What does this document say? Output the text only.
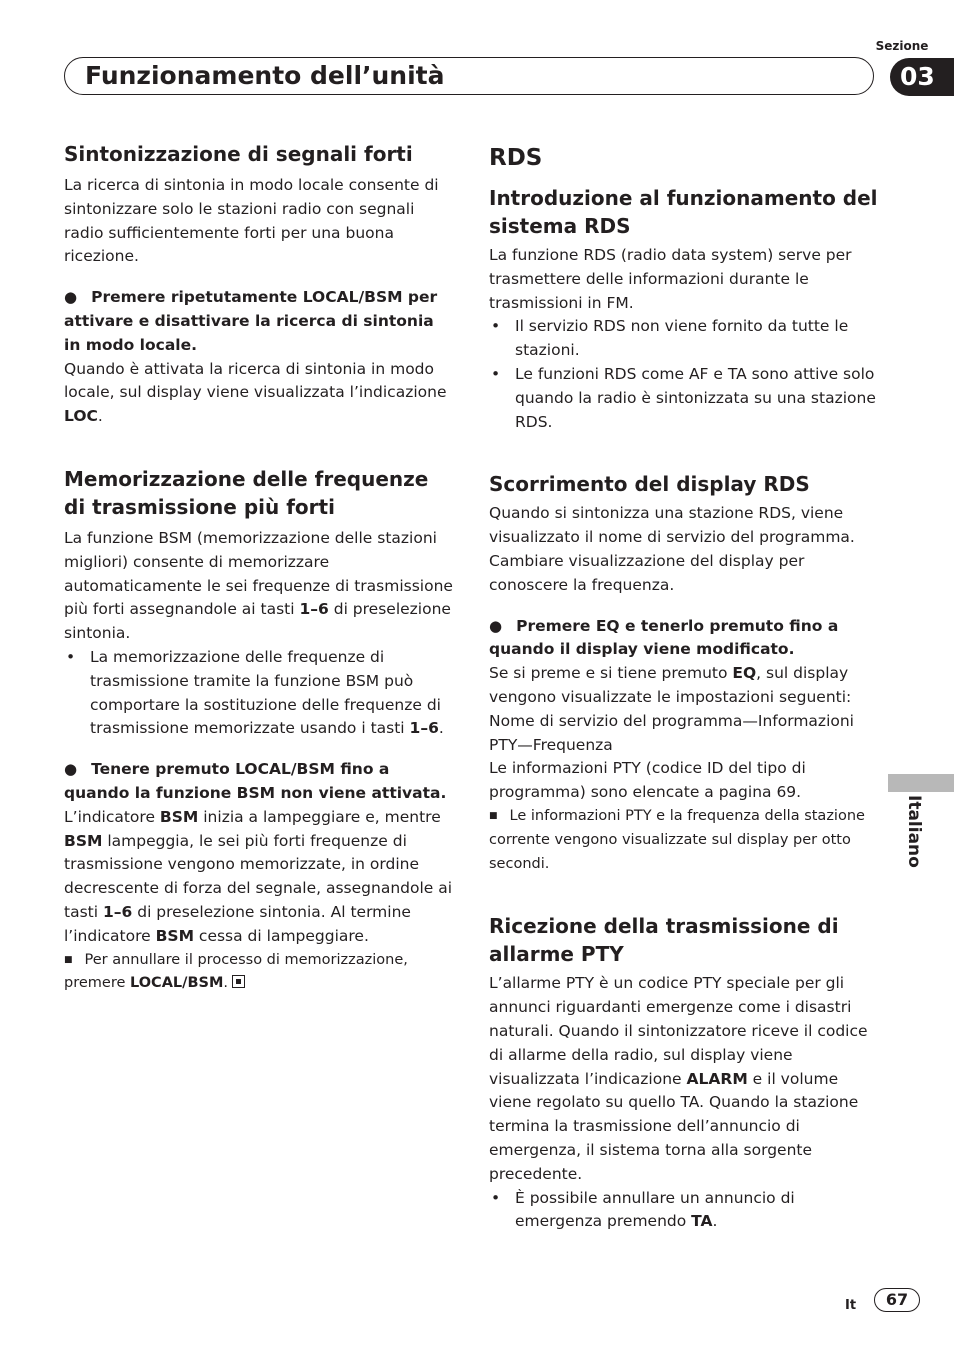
Funzionamento dell’unità
Sezione
03
Italiano
Sintonizzazione di segnali forti

La ricerca di sintonia in modo locale consente di sintonizzare solo le stazioni radio con segnali radio sufficientemente forti per una buona ricezione.

● Premere ripetutamente LOCAL/BSM per attivare e disattivare la ricerca di sintonia in modo locale.

Quando è attivata la ricerca di sintonia in modo locale, sul display viene visualizzata l’indicazione LOC.

Memorizzazione delle frequenze di trasmissione più forti

La funzione BSM (memorizzazione delle stazioni migliori) consente di memorizzare automaticamente le sei frequenze di trasmissione più forti assegnandole ai tasti 1–6 di preselezione sintonia.

• La memorizzazione delle frequenze di trasmissione tramite la funzione BSM può comportare la sostituzione delle frequenze di trasmissione memorizzate usando i tasti 1–6.

● Tenere premuto LOCAL/BSM fino a quando la funzione BSM non viene attivata.

L’indicatore BSM inizia a lampeggiare e, mentre BSM lampeggia, le sei più forti frequenze di trasmissione vengono memorizzate, in ordine decrescente di forza del segnale, assegnandole ai tasti 1–6 di preselezione sintonia. Al termine l’indicatore BSM cessa di lampeggiare.

■ Per annullare il processo di memorizzazione, premere LOCAL/BSM.

RDS
Introduzione al funzionamento del sistema RDS

La funzione RDS (radio data system) serve per trasmettere delle informazioni durante le trasmissioni in FM.

• Il servizio RDS non viene fornito da tutte le stazioni.
• Le funzioni RDS come AF e TA sono attive solo quando la radio è sintonizzata su una stazione RDS.
Scorrimento del display RDS

Quando si sintonizza una stazione RDS, viene visualizzato il nome di servizio del programma. Cambiare visualizzazione del display per conoscere la frequenza.

● Premere EQ e tenerlo premuto fino a quando il display viene modificato.

Se si preme e si tiene premuto EQ, sul display vengono visualizzate le impostazioni seguenti:

Nome di servizio del programma—Informazioni PTY—Frequenza

Le informazioni PTY (codice ID del tipo di programma) sono elencate a pagina 69.

■ Le informazioni PTY e la frequenza della stazione corrente vengono visualizzate sul display per otto secondi.

Ricezione della trasmissione di allarme PTY

L’allarme PTY è un codice PTY speciale per gli annunci riguardanti emergenze come i disastri naturali. Quando il sintonizzatore riceve il codice di allarme della radio, sul display viene visualizzata l’indicazione ALARM e il volume viene regolato su quello TA. Quando la stazione termina la trasmissione dell’annuncio di emergenza, il sistema torna alla sorgente precedente.

• È possibile annullare un annuncio di emergenza premendo TA.
It	67
